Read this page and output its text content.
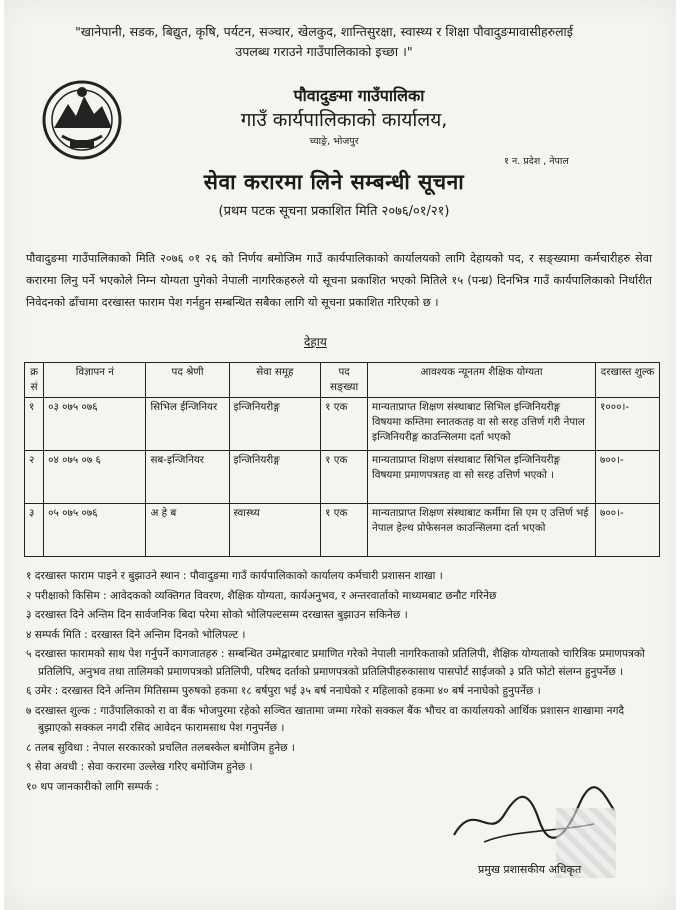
"खानेपानी, सडक, बिद्युत, कृषि, पर्यटन, सञ्चार, खेलकुद, शान्तिसुरक्षा, स्वास्थ्य र शिक्षा पौवादुङमावासीहरुलाई उपलब्ध गराउने गाउँपालिकाको इच्छा ।"
पौवादुङमा गाउँपालिका
गाउँ कार्यपालिकाको कार्यालय,
च्याङ्रे, भोजपुर
१ न. प्रदेश , नेपाल
सेवा करारमा लिने सम्बन्धी सूचना
(प्रथम पटक सूचना प्रकाशित मिति २०७६/०१/२१)
पौवादुङमा गाउँपालिकाको मिति २०७६ ०१ २६ को निर्णय बमोजिम गाउँ कार्यपालिकाको कार्यालयको लागि देहायको पद, र सङ्ख्यामा कर्मचारीहरु सेवा करारमा लिनु पर्ने भएकोले निम्न योग्यता पुगेको नेपाली नागरिकहरुले यो सूचना प्रकाशित भएको मितिले १५ (पन्ध्र) दिनभित्र गाउँ कार्यपालिकाको निर्धारीत निवेदनको ढाँचामा दरखास्त फाराम पेश गर्नहुन सम्बन्धित सबैका लागि यो सूचना प्रकाशित गरिएको छ ।
देहाय
क्र सं	विज्ञापन नं	पद श्रेणी	सेवा समूह	पद सङ्ख्या	आवश्यक न्यूनतम शैक्षिक योग्यता	दरखास्त शुल्क
१	०३ ०७५ ०७६	सिभिल ईन्जिनियर	इन्जिनियरीङ्ग	१ एक	मान्यताप्राप्त शिक्षण संस्थाबाट सिभिल इन्जिनियरीङ्ग विषयमा कम्तिमा स्नातकतह वा सो सरह उत्तिर्ण गरी नेपाल इन्जिनियरीङ्ग काउन्सिलमा दर्ता भएको	१०००।-
२	०४ ०७५ ०७ ६	सब-इन्जिनियर	इन्जिनियरीङ्ग	१ एक	मान्यताप्राप्त शिक्षण संस्थाबाट सिभिल इन्जिनियरीङ्ग विषयमा प्रमाणपत्रतह वा सो सरह उत्तिर्ण भएको ।	७००।-
३	०५ ०७५ ०७६	अ हे ब	स्वास्थ्य	१ एक	मान्यताप्राप्त शिक्षण संस्थाबाट कर्मीमा सि एम ए उत्तिर्ण भई नेपाल हेल्थ प्रोफेसनल काउन्सिलमा दर्ता भएको	७००।-
१ दरखास्त फाराम पाइने र बुझाउने स्थान : पौवादुङमा गाउँ कार्यपालिकाको कार्यालय कर्मचारी प्रशासन शाखा ।
२ परीक्षाको किसिम : आवेदकको व्यक्तिगत विवरण, शैक्षिक योग्यता, कार्यअनुभव, र अन्तरवार्ताको माध्यमबाट छनौट गरिनेछ
३ दरखास्त दिने अन्तिम दिन सार्वजनिक बिदा परेमा सोको भोलिपल्टसम्म दरखास्त बुझाउन सकिनेछ ।
४ सम्पर्क मिति : दरखास्त दिने अन्तिम दिनको भोलिपल्ट ।
५ दरखास्त फारामको साथ पेश गर्नुपर्ने कागजातहरु : सम्बन्धित उम्मेद्वारबाट प्रमाणित गरेको नेपाली नागरिकताको प्रतिलिपी, शैक्षिक योग्यताको चारित्रिक प्रमाणपत्रको प्रतिलिपि, अनुभव तथा तालिमको प्रमाणपत्रको प्रतिलिपी, परिषद दर्ताको प्रमाणपत्रको प्रतिलिपीहरुकासाथ पासपोर्ट साईजको ३ प्रति फोटो संलग्न हुनुपर्नेछ ।
६ उमेर : दरखास्त दिने अन्तिम मितिसम्म पुरुषको हकमा १८ बर्षपुरा भई ३५ बर्ष ननाघेको र महिलाको हकमा ४० बर्ष ननाघेको हुनुपर्नेछ ।
७ दरखास्त शुल्क : गाउँपालिकाको रा वा बैंक भोजपुरमा रहेको सञ्चित खातामा जम्मा गरेको सक्कल बैंक भौचर वा कार्यालयको आर्थिक प्रशासन शाखामा नगदै बुझाएको सक्कल नगदी रसिद आवेदन फारामसाथ पेश गनुपर्नेछ ।
८ तलब सुविधा : नेपाल सरकारको प्रचलित तलबस्केल बमोजिम हुनेछ ।
९ सेवा अवधी : सेवा करारमा उल्लेख गरिए बमोजिम हुनेछ ।
१० थप जानकारीको लागि सम्पर्क :
प्रमुख प्रशासकीय अधिकृत
